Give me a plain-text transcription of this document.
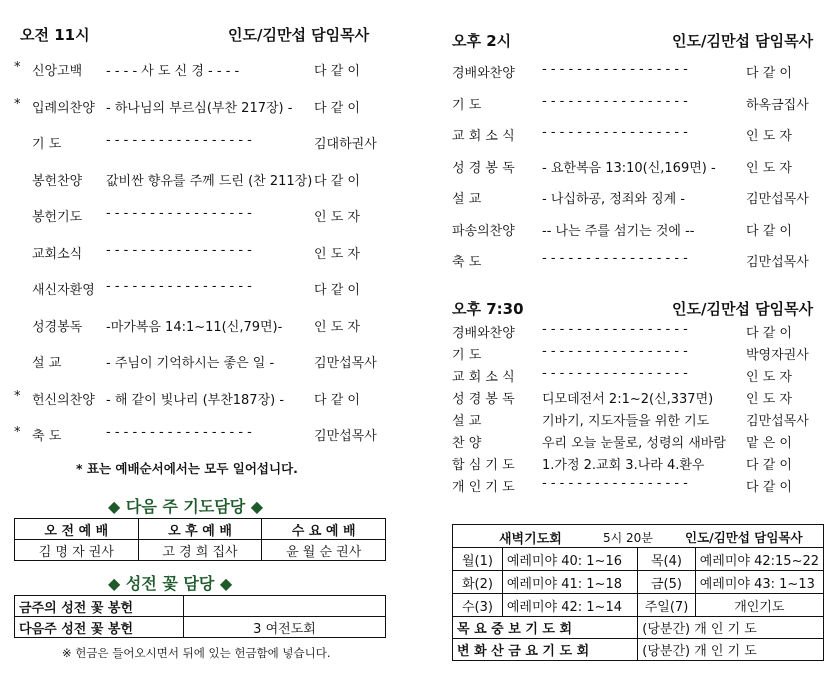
오전 11시	인도/김만섭 담임목사
* 신앙고백 - - - - 사 도 신 경 - - - -	다 같 이
* 입례의찬양 - 하나님의 부르심(부찬 217장) - 다 같 이
기 도	- - - - - - - - - - - - - - - - -	김대하권사
봉헌찬양 값비싼 향유를 주께 드린 (찬 211장) 다 같 이
봉헌기도 - - - - - - - - - - - - - - - - -	인 도 자
교회소식 - - - - - - - - - - - - - - - - -	인 도 자
새신자환영 - - - - - - - - - - - - - - - - -	다 같 이
성경봉독 -마가복음 14:1~11(신,79면)- 인 도 자
설 교	- 주님이 기억하시는 좋은 일 -	김만섭목사
* 헌신의찬양 - 해 같이 빛나리 (부찬187장) - 다 같 이
* 축 도	- - - - - - - - - - - - - - - - -	김만섭목사
* 표는 예배순서에서는 모두 일어섭니다.
◆ 다음 주 기도담당 ◆
오 전 예 배	오 후 예 배	수 요 예 배
김 명 자 권사	고 경 희 집사	윤 월 순 권사
◆ 성전 꽃 담당 ◆
금주의 성전 꽃 봉헌	
다음주 성전 꽃 봉헌	3 여전도회
※ 헌금은 들어오시면서 뒤에 있는 헌금함에 넣습니다.
오후 2시	인도/김만섭 담임목사
경배와찬양 - - - - - - - - - - - - - - - - -	다 같 이
기 도	- - - - - - - - - - - - - - - - -	하옥금집사
교 회 소 식 - - - - - - - - - - - - - - - - -	인 도 자
성 경 봉 독 - 요한복음 13:10(신,169면) - 인 도 자
설 교	- 나십하공, 정죄와 징계 -	김만섭목사
파송의찬양 -- 나는 주를 섬기는 것에 --	다 같 이
축 도	- - - - - - - - - - - - - - - - -	김만섭목사
오후 7:30	인도/김만섭 담임목사
경배와찬양 - - - - - - - - - - - - - - - - -	다 같 이
기 도	- - - - - - - - - - - - - - - - -	박영자권사
교 회 소 식 - - - - - - - - - - - - - - - - -	인 도 자
성 경 봉 독 디모데전서 2:1~2(신,337면)	인 도 자
설 교	기바기, 지도자들을 위한 기도	김만섭목사
찬 양	우리 오늘 눈물로, 성령의 새바람 맡 은 이
합 심 기 도 1.가정 2.교회 3.나라 4.환우	다 같 이
개 인 기 도 - - - - - - - - - - - - - - - - -	다 같 이
새벽기도회 5시 20분 인도/김만섭 담임목사			

월(1)	예레미야 40: 1~16	목(4)	예레미야 42:15~22
화(2)	예레미야 41: 1~18	금(5)	예레미야 43: 1~13
수(3)	예레미야 42: 1~14	주일(7)	개인기도
목 요 중 보 기 도 회		(당분간) 개 인 기 도	
변 화 산 금 요 기 도 회		(당분간) 개 인 기 도	
